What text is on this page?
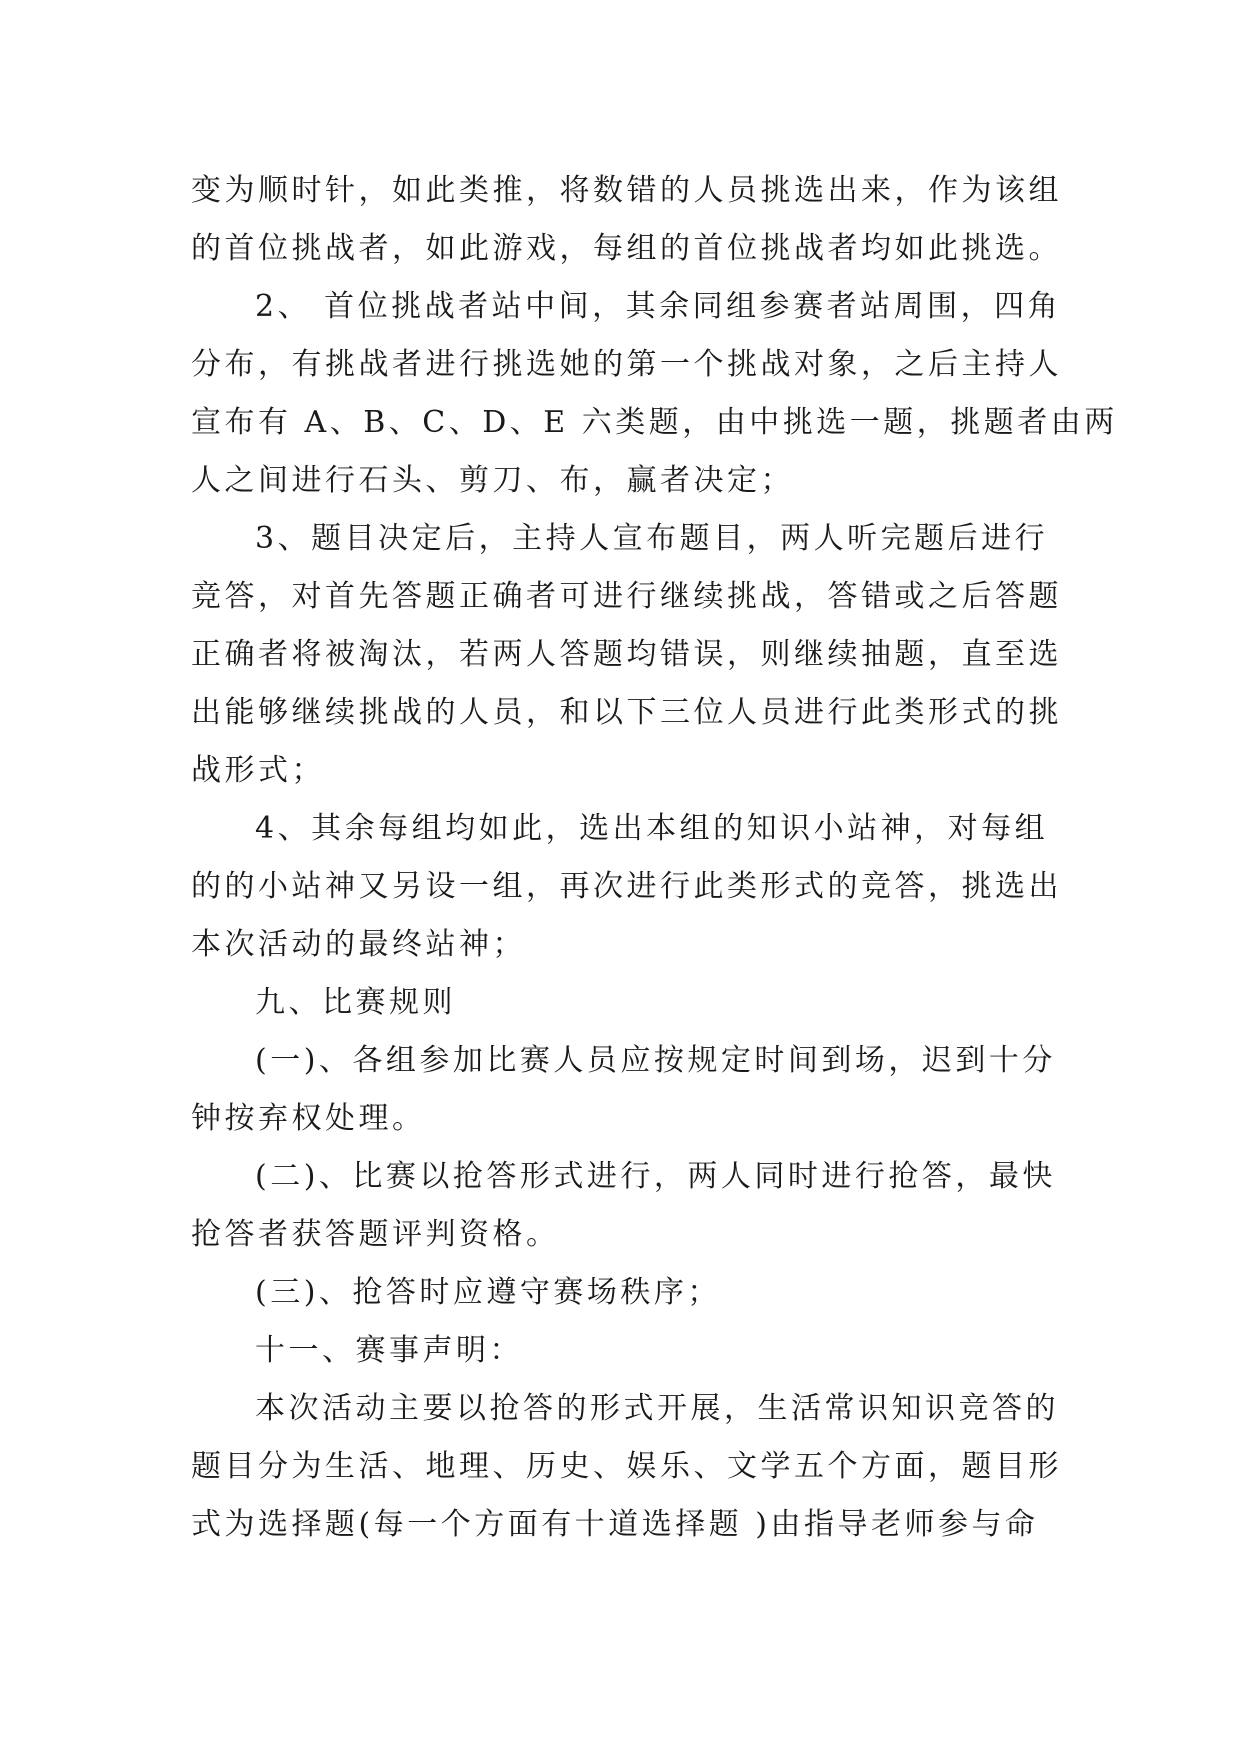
变为顺时针，如此类推，将数错的人员挑选出来，作为该组
的首位挑战者，如此游戏，每组的首位挑战者均如此挑选。
2、 首位挑战者站中间，其余同组参赛者站周围，四角
分布，有挑战者进行挑选她的第一个挑战对象，之后主持人
宣布有 A、B、C、D、E 六类题，由中挑选一题，挑题者由两
人之间进行石头、剪刀、布，赢者决定；
3、题目决定后，主持人宣布题目，两人听完题后进行
竞答，对首先答题正确者可进行继续挑战，答错或之后答题
正确者将被淘汰，若两人答题均错误，则继续抽题，直至选
出能够继续挑战的人员，和以下三位人员进行此类形式的挑
战形式；
4、其余每组均如此，选出本组的知识小站神，对每组
的的小站神又另设一组，再次进行此类形式的竞答，挑选出
本次活动的最终站神；
九、比赛规则
(一)、各组参加比赛人员应按规定时间到场，迟到十分
钟按弃权处理。
(二)、比赛以抢答形式进行，两人同时进行抢答，最快
抢答者获答题评判资格。
(三)、抢答时应遵守赛场秩序；
十一、赛事声明：
本次活动主要以抢答的形式开展，生活常识知识竞答的
题目分为生活、地理、历史、娱乐、文学五个方面，题目形
式为选择题(每一个方面有十道选择题 )由指导老师参与命
